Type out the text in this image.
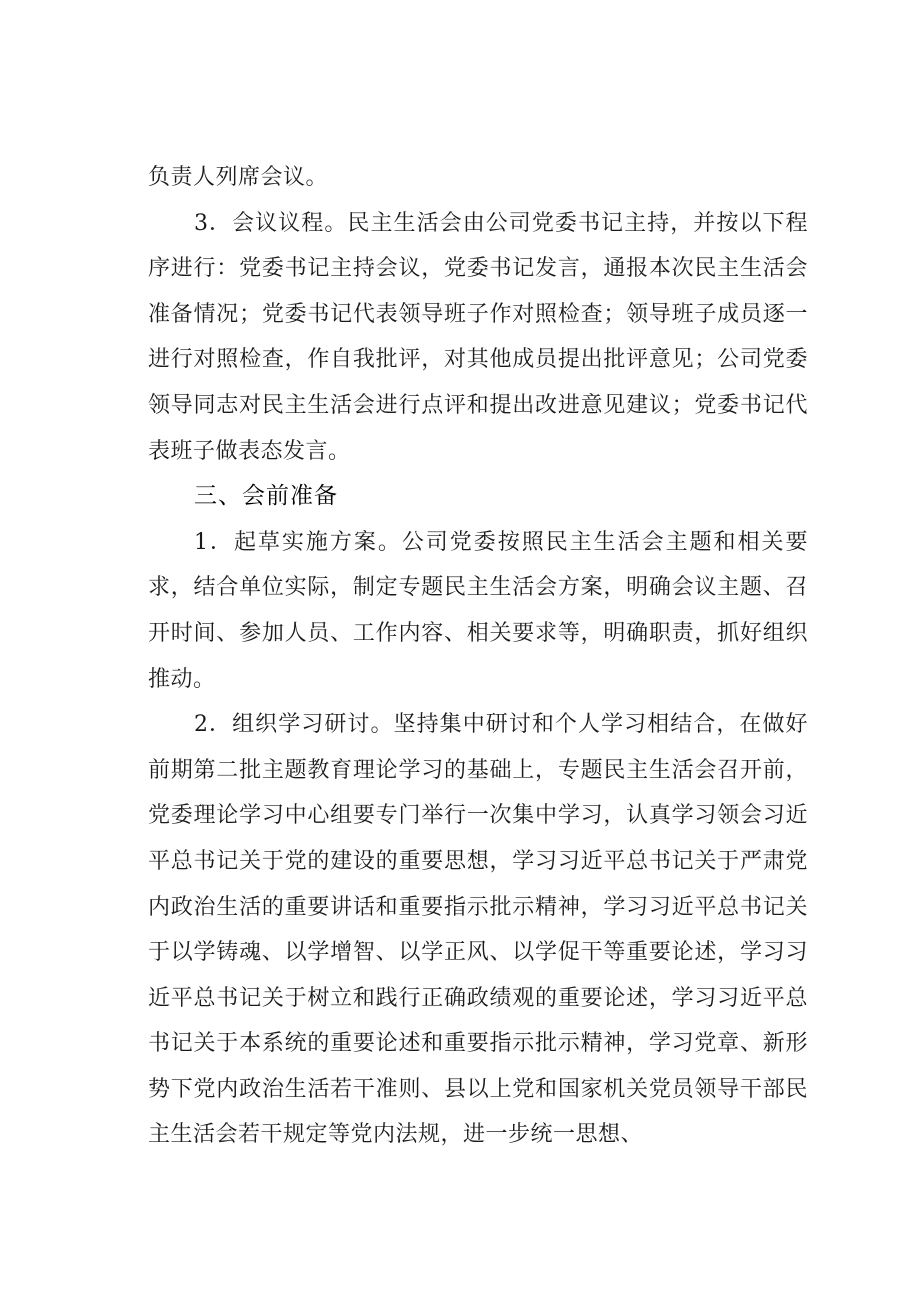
负责人列席会议。

3．会议议程。民主生活会由公司党委书记主持，并按以下程序进行：党委书记主持会议，党委书记发言，通报本次民主生活会准备情况；党委书记代表领导班子作对照检查；领导班子成员逐一进行对照检查，作自我批评，对其他成员提出批评意见；公司党委领导同志对民主生活会进行点评和提出改进意见建议；党委书记代表班子做表态发言。

三、会前准备

1．起草实施方案。公司党委按照民主生活会主题和相关要求，结合单位实际，制定专题民主生活会方案，明确会议主题、召开时间、参加人员、工作内容、相关要求等，明确职责，抓好组织推动。

2．组织学习研讨。坚持集中研讨和个人学习相结合，在做好前期第二批主题教育理论学习的基础上，专题民主生活会召开前，党委理论学习中心组要专门举行一次集中学习，认真学习领会习近平总书记关于党的建设的重要思想，学习习近平总书记关于严肃党内政治生活的重要讲话和重要指示批示精神，学习习近平总书记关于以学铸魂、以学增智、以学正风、以学促干等重要论述，学习习近平总书记关于树立和践行正确政绩观的重要论述，学习习近平总书记关于本系统的重要论述和重要指示批示精神，学习党章、新形势下党内政治生活若干准则、县以上党和国家机关党员领导干部民主生活会若干规定等党内法规，进一步统一思想、
